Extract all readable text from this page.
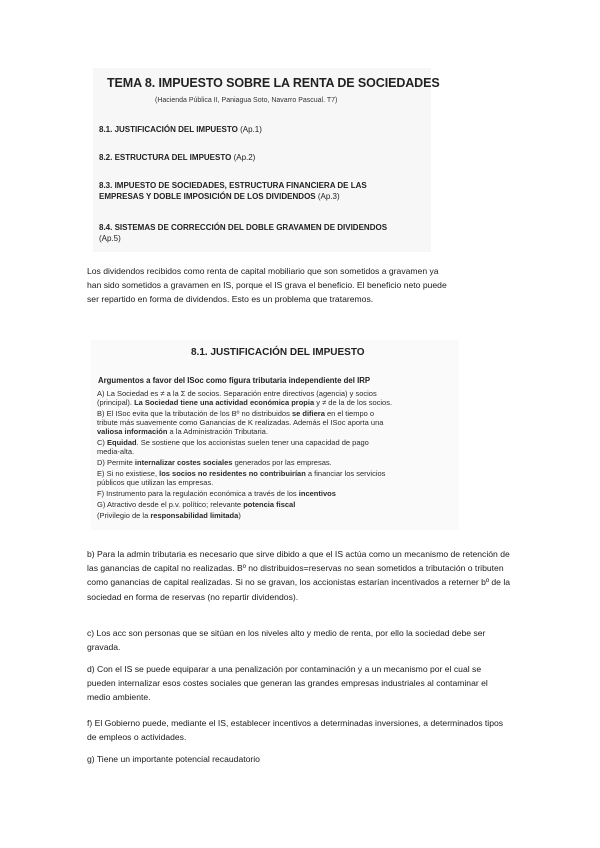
TEMA 8. IMPUESTO SOBRE LA RENTA DE SOCIEDADES
(Hacienda Pública II, Paniagua Soto, Navarro Pascual. T7)
8.1. JUSTIFICACIÓN DEL IMPUESTO (Ap.1)
8.2. ESTRUCTURA DEL IMPUESTO (Ap.2)
8.3. IMPUESTO DE SOCIEDADES, ESTRUCTURA FINANCIERA DE LAS
EMPRESAS Y DOBLE IMPOSICIÓN DE LOS DIVIDENDOS (Ap.3)
8.4. SISTEMAS DE CORRECCIÓN DEL DOBLE GRAVAMEN DE DIVIDENDOS
(Ap.5)
Los dividendos recibidos como renta de capital mobiliario que son sometidos a gravamen ya
han sido sometidos a gravamen en IS, porque el IS grava el beneficio. El beneficio neto puede
ser repartido en forma de dividendos. Esto es un problema que trataremos.
8.1. JUSTIFICACIÓN DEL IMPUESTO
Argumentos a favor del ISoc como figura tributaria independiente del IRP
A) La Sociedad es ≠ a la Σ de socios. Separación entre directivos (agencia) y socios
(principal). La Sociedad tiene una actividad económica propia y ≠ de la de los socios.
B) El ISoc evita que la tributación de los Bº no distribuidos se difiera en el tiempo o
tribute más suavemente como Ganancias de K realizadas. Además el ISoc aporta una
valiosa información a la Administración Tributaria.
C) Equidad. Se sostiene que los accionistas suelen tener una capacidad de pago
media-alta.
D) Permite internalizar costes sociales generados por las empresas.
E) Si no existiese, los socios no residentes no contribuirían a financiar los servicios
públicos que utilizan las empresas.
F) Instrumento para la regulación económica a través de los incentivos
G) Atractivo desde el p.v. político; relevante potencia fiscal
(Privilegio de la responsabilidad limitada)
b) Para la admin tributaria es necesario que sirve dibido a que el IS actúa como un mecanismo de retención de las ganancias de capital no realizadas. Bº no distribuidos=reservas no sean sometidos a tributación o tributen como ganancias de capital realizadas. Si no se gravan, los accionistas estarían incentivados a reterner bº de la sociedad en forma de reservas (no repartir dividendos).
c) Los acc son personas que se sitúan en los niveles alto y medio de renta, por ello la sociedad debe ser gravada.
d) Con el IS se puede equiparar a una penalización por contaminación y a un mecanismo por el cual se pueden internalizar esos costes sociales que generan las grandes empresas industriales al contaminar el medio ambiente.
f) El Gobierno puede, mediante el IS, establecer incentivos a determinadas inversiones, a determinados tipos de empleos o actividades.
g) Tiene un importante potencial recaudatorio
